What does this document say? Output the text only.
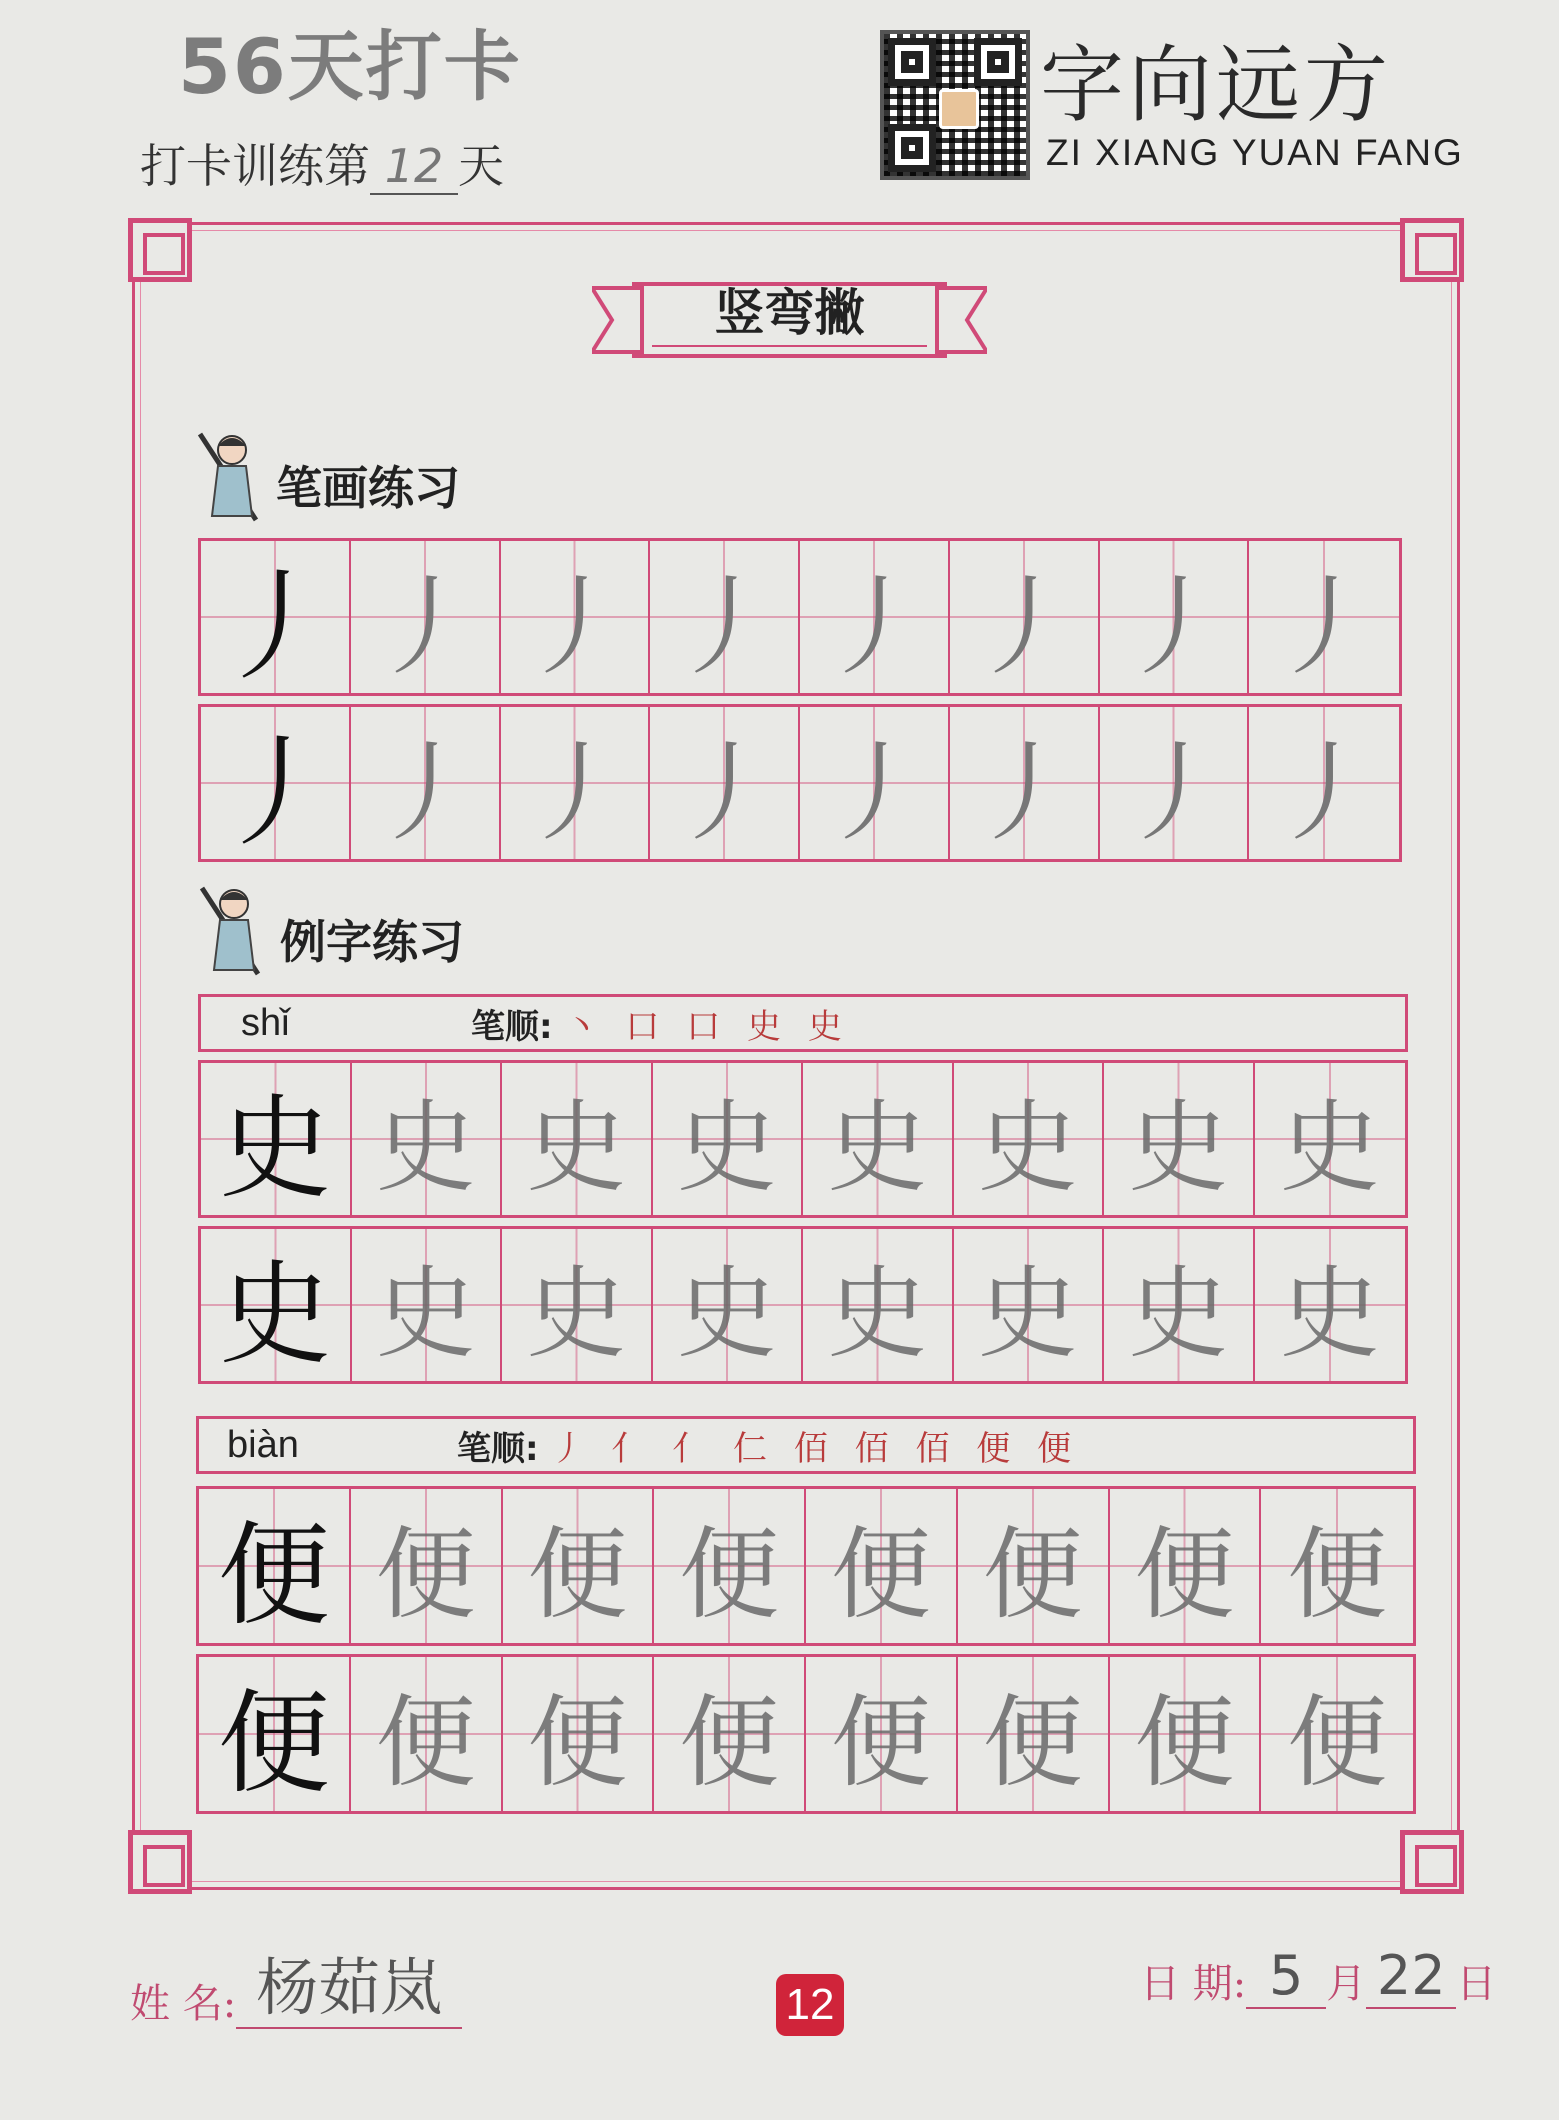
56天打卡
打卡训练第 12 天
字向远方
ZI XIANG YUAN FANG
竖弯撇
笔画练习
丿 丿 丿 丿 丿 丿 丿 丿
丿 丿 丿 丿 丿 丿 丿 丿
例字练习
shǐ	笔顺: 丶 口 口 史 史
史 史 史 史 史 史 史 史
史 史 史 史 史 史 史 史
biàn	笔顺: 丿 亻 亻 仁 佰 佰 佰 便 便
便 便 便 便 便 便 便 便
便 便 便 便 便 便 便 便
姓 名: 杨茹岚	12	日 期: 5 月 22 日
